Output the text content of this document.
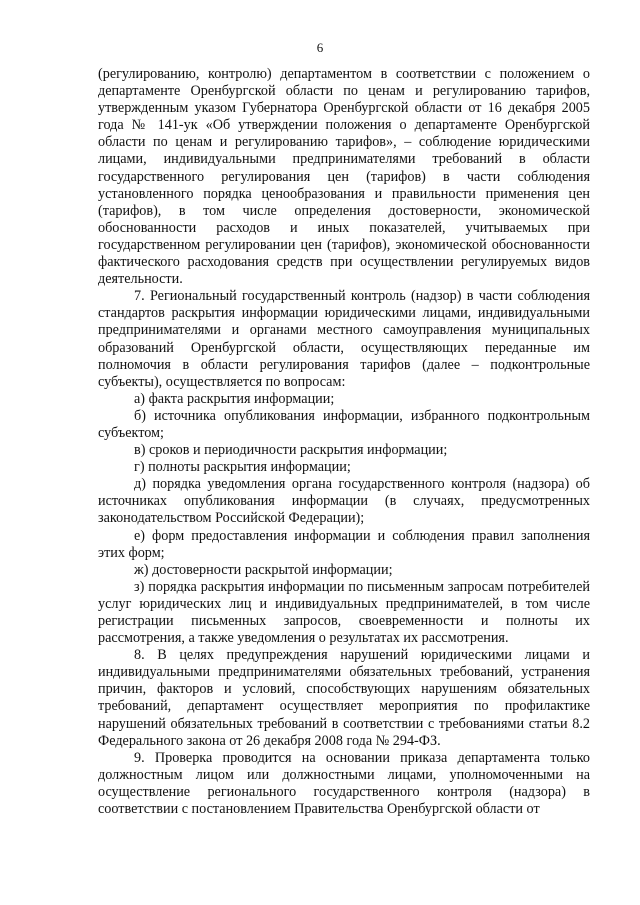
6

(регулированию, контролю) департаментом в соответствии с положением о департаменте Оренбургской области по ценам и регулированию тарифов, утвержденным указом Губернатора Оренбургской области от 16 декабря 2005 года № 141-ук «Об утверждении положения о департаменте Оренбургской области по ценам и регулированию тарифов», – соблюдение юридическими лицами, индивидуальными предпринимателями требований в области государственного регулирования цен (тарифов) в части соблюдения установленного порядка ценообразования и правильности применения цен (тарифов), в том числе определения достоверности, экономической обоснованности расходов и иных показателей, учитываемых при государственном регулировании цен (тарифов), экономической обоснованности фактического расходования средств при осуществлении регулируемых видов деятельности.

7. Региональный государственный контроль (надзор) в части соблюдения стандартов раскрытия информации юридическими лицами, индивидуальными предпринимателями и органами местного самоуправления муниципальных образований Оренбургской области, осуществляющих переданные им полномочия в области регулирования тарифов (далее – подконтрольные субъекты), осуществляется по вопросам:

а) факта раскрытия информации;

б) источника опубликования информации, избранного подконтрольным субъектом;

в) сроков и периодичности раскрытия информации;

г) полноты раскрытия информации;

д) порядка уведомления органа государственного контроля (надзора) об источниках опубликования информации (в случаях, предусмотренных законодательством Российской Федерации);

е) форм предоставления информации и соблюдения правил заполнения этих форм;

ж) достоверности раскрытой информации;

з) порядка раскрытия информации по письменным запросам потребителей услуг юридических лиц и индивидуальных предпринимателей, в том числе регистрации письменных запросов, своевременности и полноты их рассмотрения, а также уведомления о результатах их рассмотрения.

8. В целях предупреждения нарушений юридическими лицами и индивидуальными предпринимателями обязательных требований, устранения причин, факторов и условий, способствующих нарушениям обязательных требований, департамент осуществляет мероприятия по профилактике нарушений обязательных требований в соответствии с требованиями статьи 8.2 Федерального закона от 26 декабря 2008 года № 294-ФЗ.

9. Проверка проводится на основании приказа департамента только должностным лицом или должностными лицами, уполномоченными на осуществление регионального государственного контроля (надзора) в соответствии с постановлением Правительства Оренбургской области от
